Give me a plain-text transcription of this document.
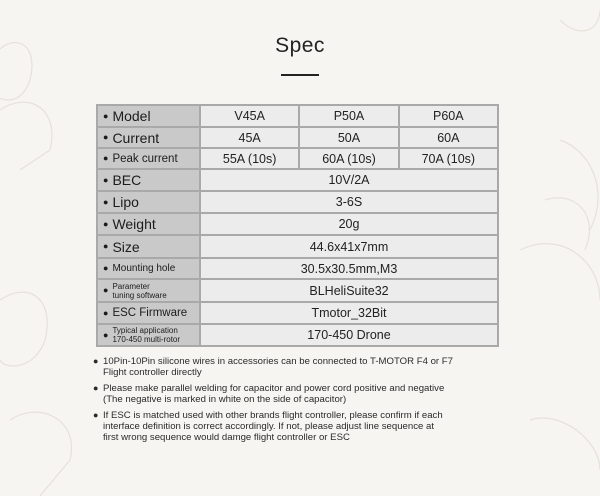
Spec
● Model	V45A	P50A	P60A
● Current	45A	50A	60A
● Peak current	55A (10s)	60A (10s)	70A (10s)
● BEC	10V/2A
● Lipo	3-6S
● Weight	20g
● Size	44.6x41x7mm
● Mounting hole	30.5x30.5mm,M3
● Parameter
tuning software	BLHeliSuite32
● ESC Firmware	Tmotor_32Bit
● Typical application
170-450 multi-rotor	170-450 Drone
● 10Pin-10Pin silicone wires in accessories can be connected to T-MOTOR F4 or F7
Flight controller directly
● Please make parallel welding for capacitor and power cord positive and negative
(The negative is marked in white on the side of capacitor)
● If ESC is matched used with other brands flight controller, please confirm if each
interface definition is correct accordingly. If not, please adjust line sequence at
first wrong sequence would damge flight controller or ESC
